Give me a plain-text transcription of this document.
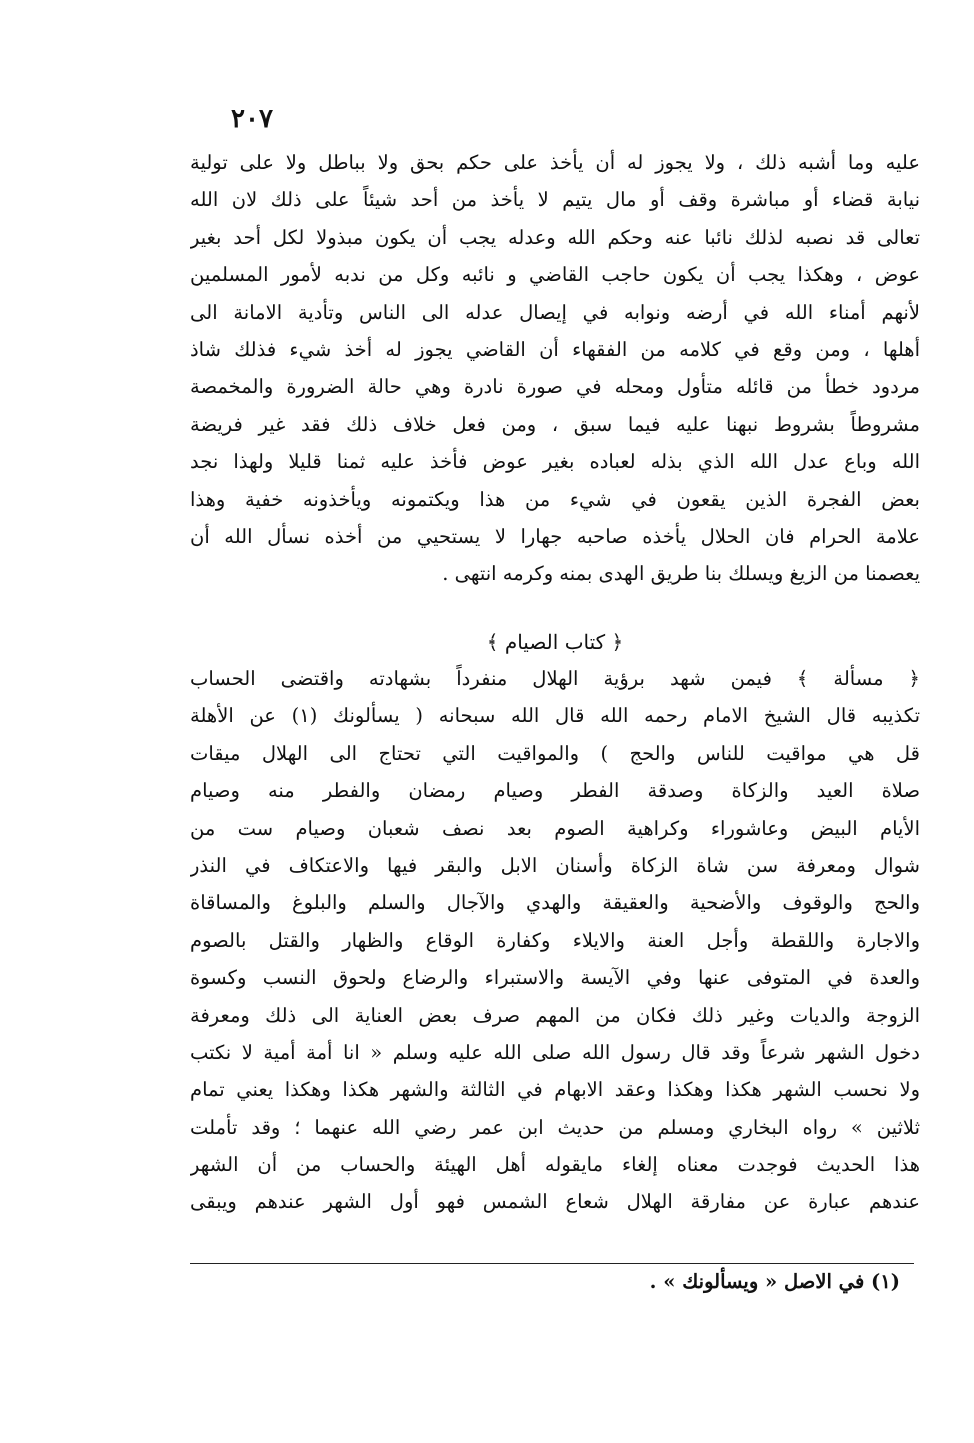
٢٠٧
عليه وما أشبه ذلك ، ولا يجوز له أن يأخذ على حكم بحق ولا بباطل ولا على تولية
نيابة قضاء أو مباشرة وقف أو مال يتيم لا يأخذ من أحد شيئاً على ذلك لان الله
تعالى قد نصبه لذلك نائبا عنه وحكم الله وعدله يجب أن يكون مبذولا لكل أحد بغير
عوض ، وهكذا يجب أن يكون حاجب القاضي و نائبه وكل من ندبه لأمور المسلمين
لأنهم أمناء الله في أرضه ونوابه في إيصال عدله الى الناس وتأدية الامانة الى
أهلها ، ومن وقع في كلامه من الفقهاء أن القاضي يجوز له أخذ شيء فذلك شاذ
مردود خطأ من قائله متأول ومحله في صورة نادرة وهي حالة الضرورة والمخمصة
مشروطاً بشروط نبهنا عليه فيما سبق ، ومن فعل خلاف ذلك فقد غير فريضة
الله وباع عدل الله الذي بذله لعباده بغير عوض فأخذ عليه ثمنا قليلا ولهذا نجد
بعض الفجرة الذين يقعون في شيء من هذا ويكتمونه ويأخذونه خفية وهذا
علامة الحرام فان الحلال يأخذه صاحبه جهارا لا يستحيي من أخذه نسأل الله أن
يعصمنا من الزيغ ويسلك بنا طريق الهدى بمنه وكرمه انتهى .
﴿ كتاب الصيام ﴾
﴿ مسألة ﴾ فيمن شهد برؤية الهلال منفرداً بشهادته واقتضى الحساب
تكذيبه قال الشيخ الامام رحمه الله قال الله سبحانه ( يسألونك (١) عن الأهلة
قل هي مواقيت للناس والحج ) والمواقيت التي تحتاج الى الهلال ميقات
صلاة العيد والزكاة وصدقة الفطر وصيام رمضان والفطر منه وصيام
الأيام البيض وعاشوراء وكراهية الصوم بعد نصف شعبان وصيام ست من
شوال ومعرفة سن شاة الزكاة وأسنان الابل والبقر فيها والاعتكاف في النذر
والحج والوقوف والأضحية والعقيقة والهدي والآجال والسلم والبلوغ والمساقاة
والاجارة واللقطة وأجل العنة والايلاء وكفارة الوقاع والظهار والقتل بالصوم
والعدة في المتوفى عنها وفي الآيسة والاستبراء والرضاع ولحوق النسب وكسوة
الزوجة والديات وغير ذلك فكان من المهم صرف بعض العناية الى ذلك ومعرفة
دخول الشهر شرعاً وقد قال رسول الله صلى الله عليه وسلم « انا أمة أمية لا نكتب
ولا نحسب الشهر هكذا وهكذا وعقد الابهام في الثالثة والشهر هكذا وهكذا يعني تمام
ثلاثين » رواه البخاري ومسلم من حديث ابن عمر رضي الله عنهما ؛ وقد تأملت
هذا الحديث فوجدت معناه إلغاء مايقوله أهل الهيئة والحساب من أن الشهر
عندهم عبارة عن مفارقة الهلال شعاع الشمس فهو أول الشهر عندهم ويبقى
(١) في الاصل « ويسألونك » .
